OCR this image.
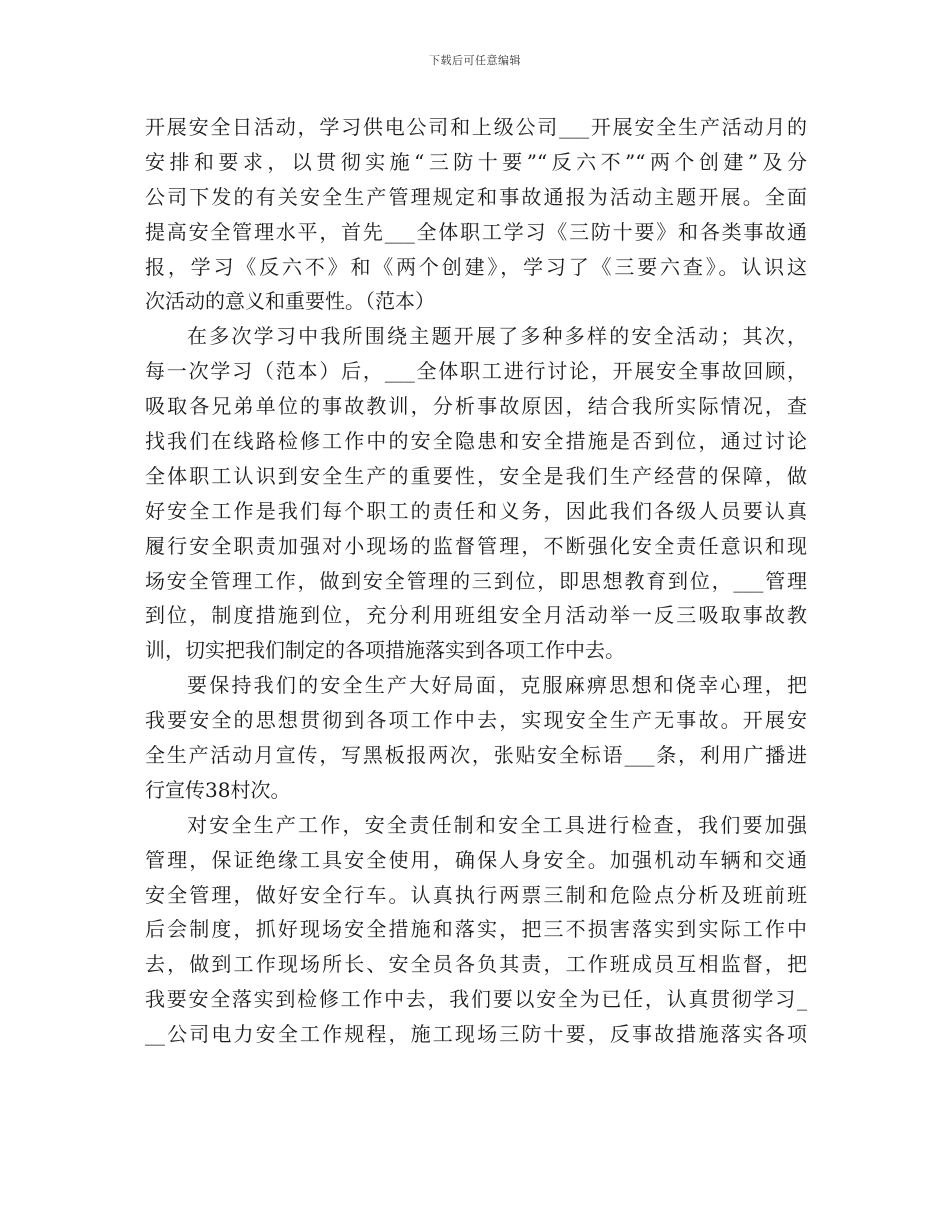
下载后可任意编辑
开展安全日活动，学习供电公司和上级公司___开展安全生产活动月的
安排和要求，以贯彻实施“三防十要”“反六不”“两个创建”及分
公司下发的有关安全生产管理规定和事故通报为活动主题开展。全面
提高安全管理水平，首先___全体职工学习《三防十要》和各类事故通
报，学习《反六不》和《两个创建》，学习了《三要六查》。认识这
次活动的意义和重要性。（范本）
在多次学习中我所围绕主题开展了多种多样的安全活动；其次，
每一次学习（范本）后，___全体职工进行讨论，开展安全事故回顾，
吸取各兄弟单位的事故教训，分析事故原因，结合我所实际情况，查
找我们在线路检修工作中的安全隐患和安全措施是否到位，通过讨论
全体职工认识到安全生产的重要性，安全是我们生产经营的保障，做
好安全工作是我们每个职工的责任和义务，因此我们各级人员要认真
履行安全职责加强对小现场的监督管理，不断强化安全责任意识和现
场安全管理工作，做到安全管理的三到位，即思想教育到位，___管理
到位，制度措施到位，充分利用班组安全月活动举一反三吸取事故教
训，切实把我们制定的各项措施落实到各项工作中去。
要保持我们的安全生产大好局面，克服麻痹思想和侥幸心理，把
我要安全的思想贯彻到各项工作中去，实现安全生产无事故。开展安
全生产活动月宣传，写黑板报两次，张贴安全标语___条，利用广播进
行宣传38村次。
对安全生产工作，安全责任制和安全工具进行检查，我们要加强
管理，保证绝缘工具安全使用，确保人身安全。加强机动车辆和交通
安全管理，做好安全行车。认真执行两票三制和危险点分析及班前班
后会制度，抓好现场安全措施和落实，把三不损害落实到实际工作中
去，做到工作现场所长、安全员各负其责，工作班成员互相监督，把
我要安全落实到检修工作中去，我们要以安全为已任，认真贯彻学习_
__公司电力安全工作规程，施工现场三防十要，反事故措施落实各项
